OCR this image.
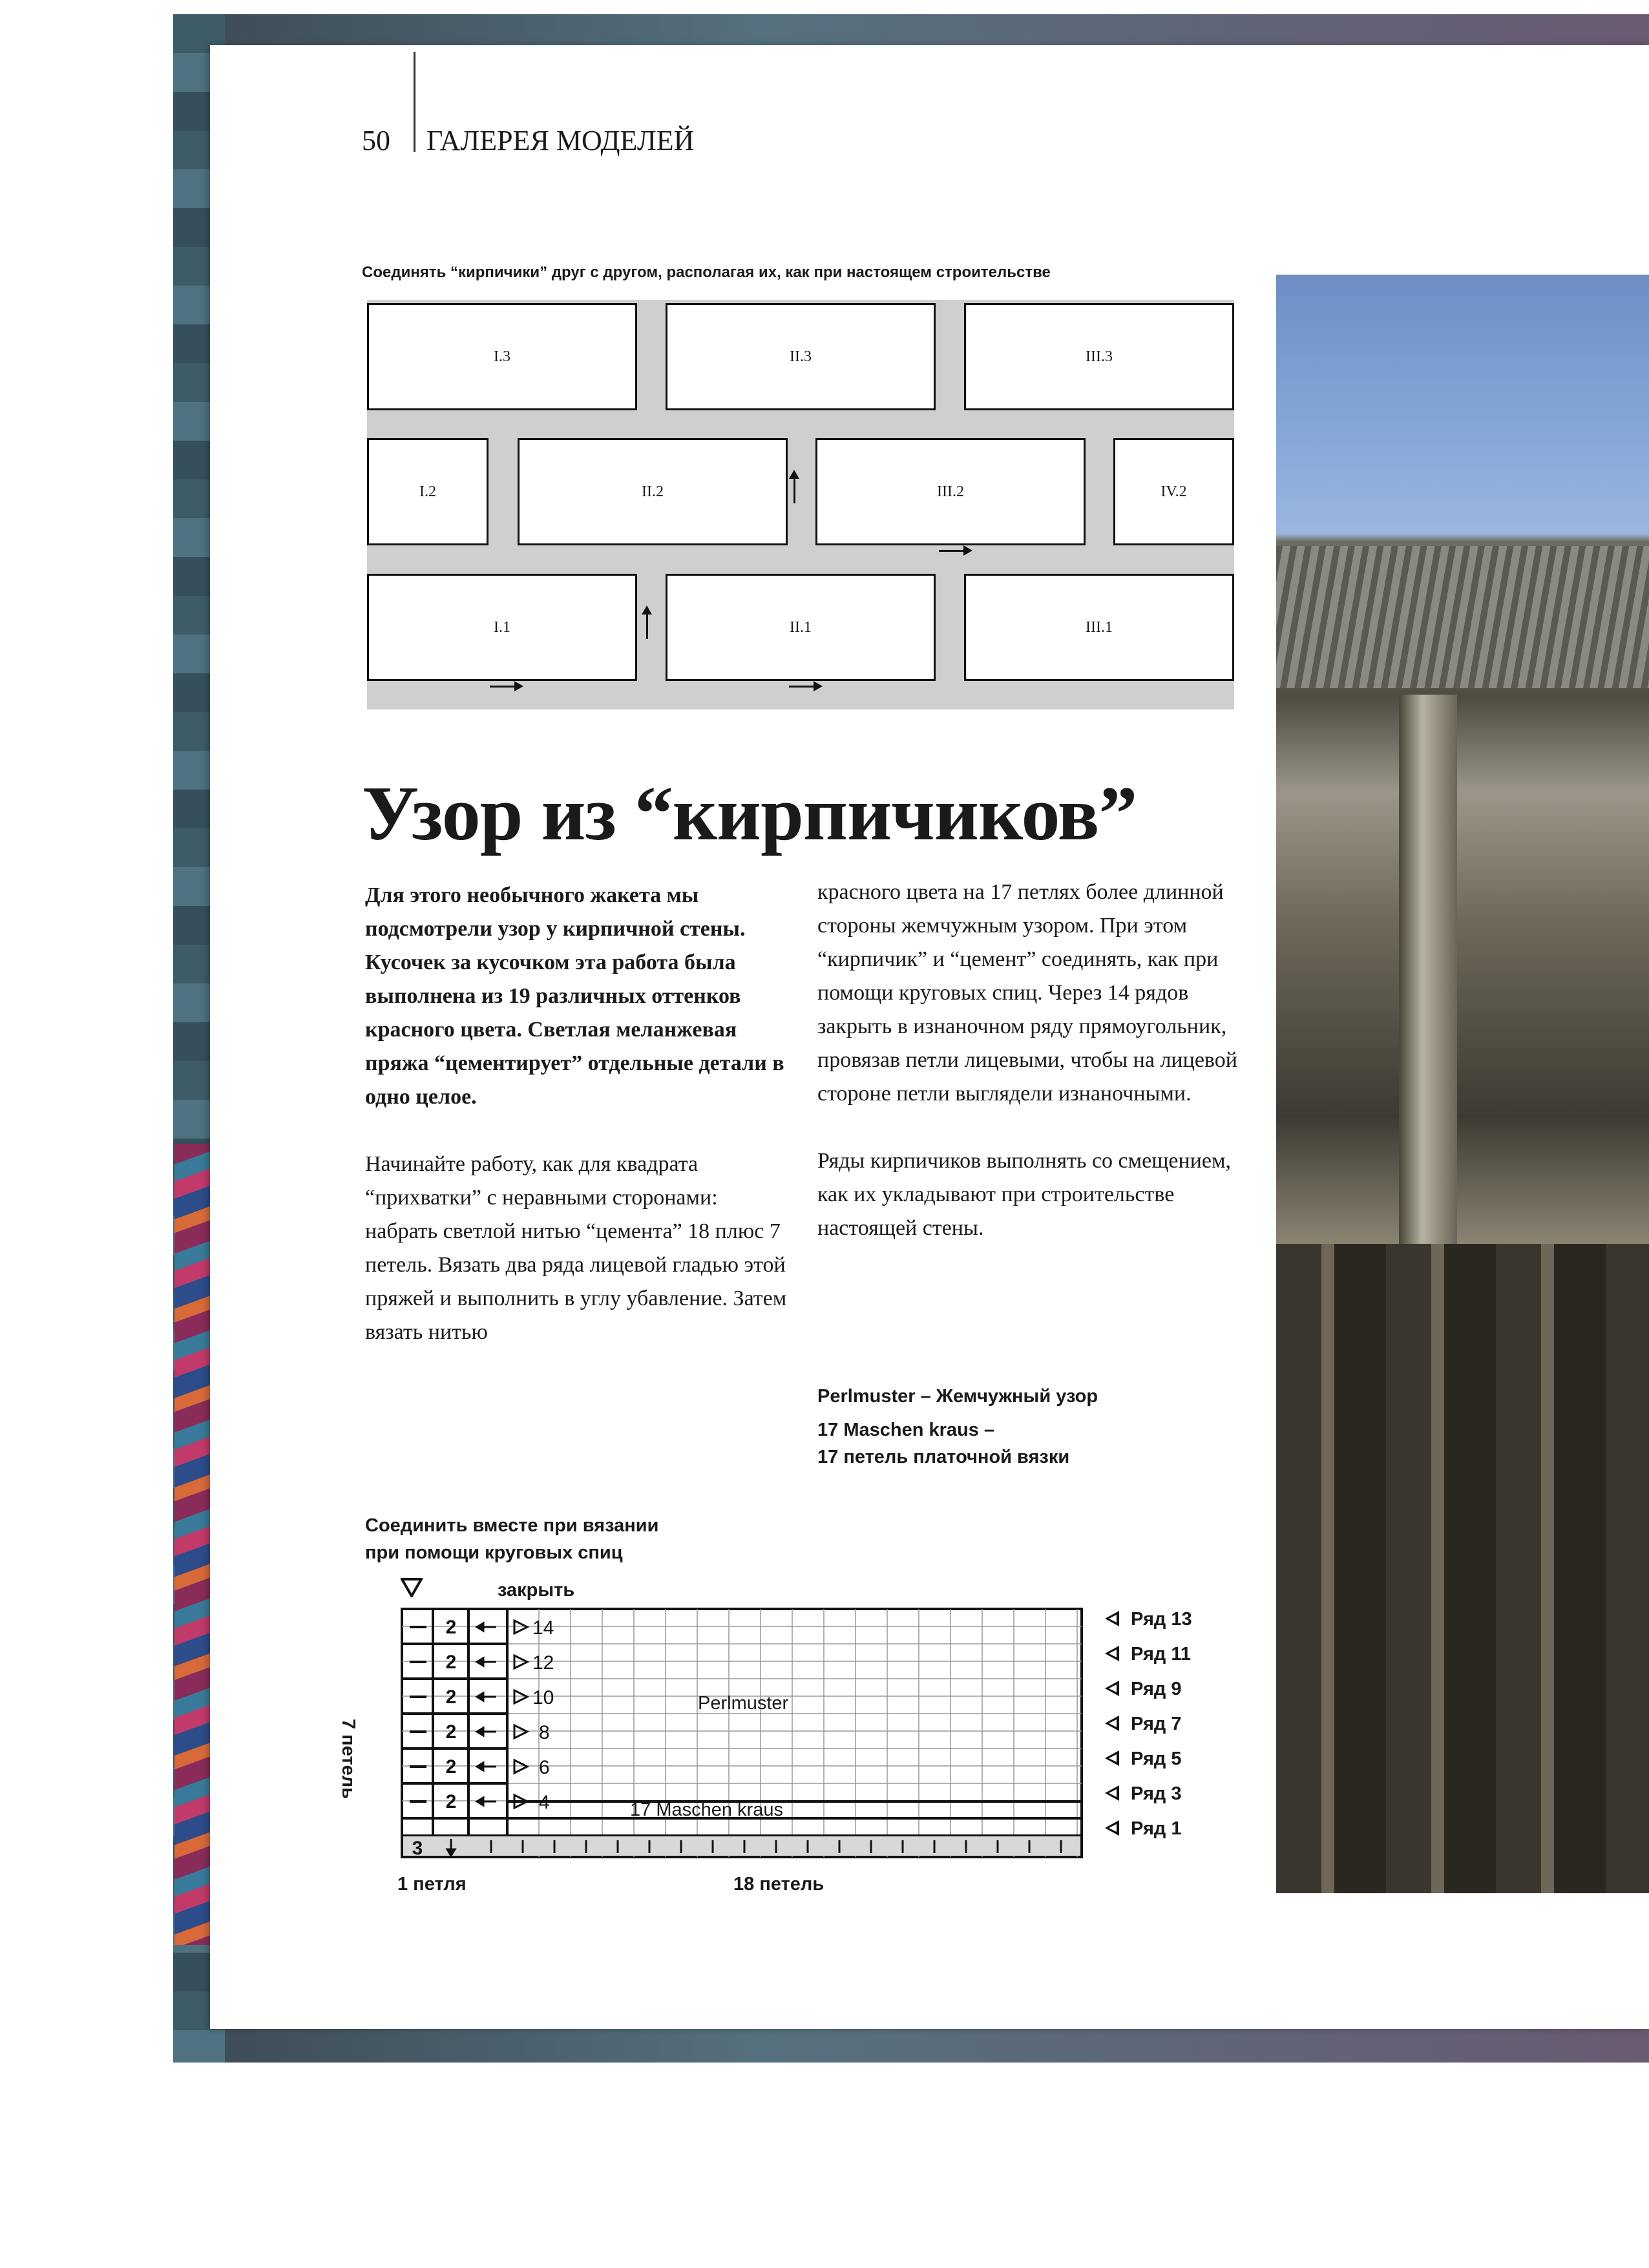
50 ГАЛЕРЕЯ МОДЕЛЕЙ
Соединять “кирпичики” друг с другом, располагая их, как при настоящем строительстве
I.3	II.3	III.3
I.2	II.2	III.2	IV.2
I.1	II.1	III.1
Узор из “кирпичиков”

Для этого необычного жакета мы подсмотрели узор у кирпичной стены. Кусочек за кусочком эта работа была выполнена из 19 различных оттенков красного цвета. Светлая меланжевая пряжа “цементирует” отдельные детали в одно целое.

Начинайте работу, как для квадрата “прихватки” с неравными сторонами: набрать светлой нитью “цемента” 18 плюс 7 петель. Вязать два ряда лицевой гладью этой пряжей и выполнить в углу убавление. Затем вязать нитью

красного цвета на 17 петлях более длинной стороны жемчужным узором. При этом “кирпичик” и “цемент” соединять, как при помощи круговых спиц. Через 14 рядов закрыть в изнаночном ряду прямоугольник, провязав петли лицевыми, чтобы на лицевой стороне петли выглядели изнаночными.

Ряды кирпичиков выполнять со смещением, как их укладывают при строительстве настоящей стены.

Perlmuster – Жемчужный узор
17 Maschen kraus –
17 петель платочной вязки
Соединить вместе при вязании
при помощи круговых спиц
закрыть
2
2
2
2
2
2
3
14
12
10
8
6
4
Perlmuster
17 Maschen kraus
7 петель
1 петля	18 петель
Ряд 13
Ряд 11
Ряд 9
Ряд 7
Ряд 5
Ряд 3
Ряд 1
